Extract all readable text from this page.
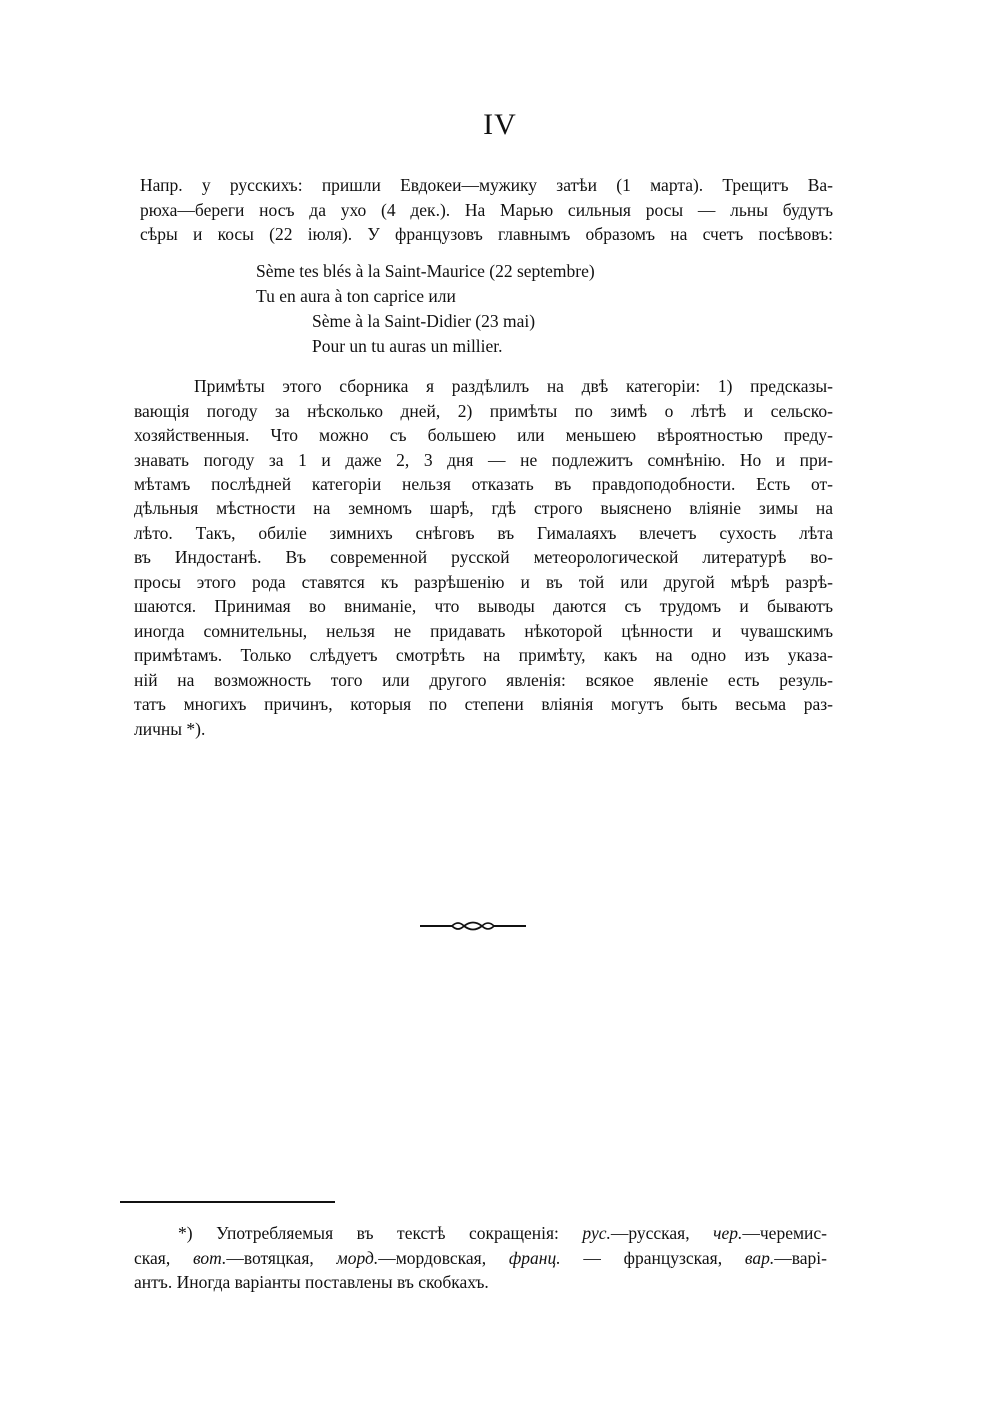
IV
Напр. у русскихъ: пришли Евдокеи—мужику затѣи (1 марта). Трещитъ Ва-
рюха—береги носъ да ухо (4 дек.). На Марью сильныя росы — льны будутъ
сѣры и косы (22 іюля). У французовъ главнымъ образомъ на счетъ посѣвовъ:
Sème tes blés à la Saint-Maurice (22 septembre)
Tu en aura à ton caprice или
Sème à la Saint-Didier (23 mai)
Pour un tu auras un millier.
Примѣты этого сборника я раздѣлилъ на двѣ категоріи: 1) предсказы-
вающія погоду за нѣсколько дней, 2) примѣты по зимѣ о лѣтѣ и сельско-
хозяйственныя. Что можно съ большею или меньшею вѣроятностью преду-
знавать погоду за 1 и даже 2, 3 дня — не подлежитъ сомнѣнію. Но и при-
мѣтамъ послѣдней категоріи нельзя отказать въ правдоподобности. Есть от-
дѣльныя мѣстности на земномъ шарѣ, гдѣ строго выяснено вліяніе зимы на
лѣто. Такъ, обиліе зимнихъ снѣговъ въ Гималаяхъ влечетъ сухость лѣта
въ Индостанѣ. Въ современной русской метеорологической литературѣ во-
просы этого рода ставятся къ разрѣшенію и въ той или другой мѣрѣ разрѣ-
шаются. Принимая во вниманіе, что выводы даются съ трудомъ и бываютъ
иногда сомнительны, нельзя не придавать нѣкоторой цѣнности и чувашскимъ
примѣтамъ. Только слѣдуетъ смотрѣть на примѣту, какъ на одно изъ указа-
ній на возможность того или другого явленія: всякое явленіе есть резуль-
татъ многихъ причинъ, которыя по степени вліянія могутъ быть весьма раз-
личны *).
*) Употребляемыя въ текстѣ сокращенія: рус.—русская, чер.—черемис-
ская, вот.—вотяцкая, морд.—мордовская, франц. — французская, вар.—варі-
антъ. Иногда варіанты поставлены въ скобкахъ.
